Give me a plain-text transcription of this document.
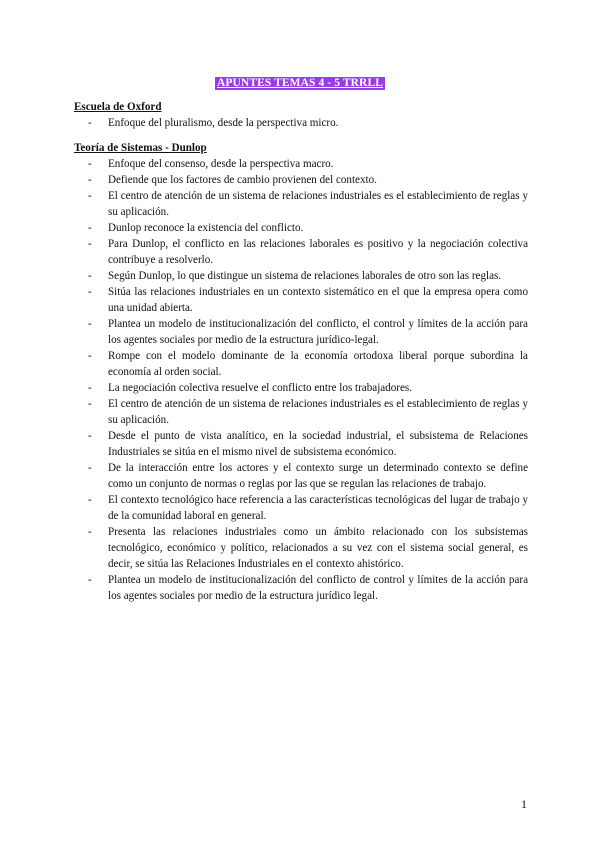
APUNTES TEMAS 4 - 5 TRRLL

Escuela de Oxford

- Enfoque del pluralismo, desde la perspectiva micro.

Teoría de Sistemas - Dunlop

- Enfoque del consenso, desde la perspectiva macro.
- Defiende que los factores de cambio provienen del contexto.
- El centro de atención de un sistema de relaciones industriales es el establecimiento de reglas y su aplicación.
- Dunlop reconoce la existencia del conflicto.
- Para Dunlop, el conflicto en las relaciones laborales es positivo y la negociación colectiva contribuye a resolverlo.
- Según Dunlop, lo que distingue un sistema de relaciones laborales de otro son las reglas.
- Sitúa las relaciones industriales en un contexto sistemático en el que la empresa opera como una unidad abierta.
- Plantea un modelo de institucionalización del conflicto, el control y límites de la acción para los agentes sociales por medio de la estructura jurídico-legal.
- Rompe con el modelo dominante de la economía ortodoxa liberal porque subordina la economía al orden social.
- La negociación colectiva resuelve el conflicto entre los trabajadores.
- El centro de atención de un sistema de relaciones industriales es el establecimiento de reglas y su aplicación.
- Desde el punto de vista analítico, en la sociedad industrial, el subsistema de Relaciones Industriales se sitúa en el mismo nivel de subsistema económico.
- De la interacción entre los actores y el contexto surge un determinado contexto se define como un conjunto de normas o reglas por las que se regulan las relaciones de trabajo.
- El contexto tecnológico hace referencia a las características tecnológicas del lugar de trabajo y de la comunidad laboral en general.
- Presenta las relaciones industriales como un ámbito relacionado con los subsistemas tecnológico, económico y político, relacionados a su vez con el sistema social general, es decir, se sitúa las Relaciones Industriales en el contexto ahistórico.
- Plantea un modelo de institucionalización del conflicto de control y límites de la acción para los agentes sociales por medio de la estructura jurídico legal.
1
